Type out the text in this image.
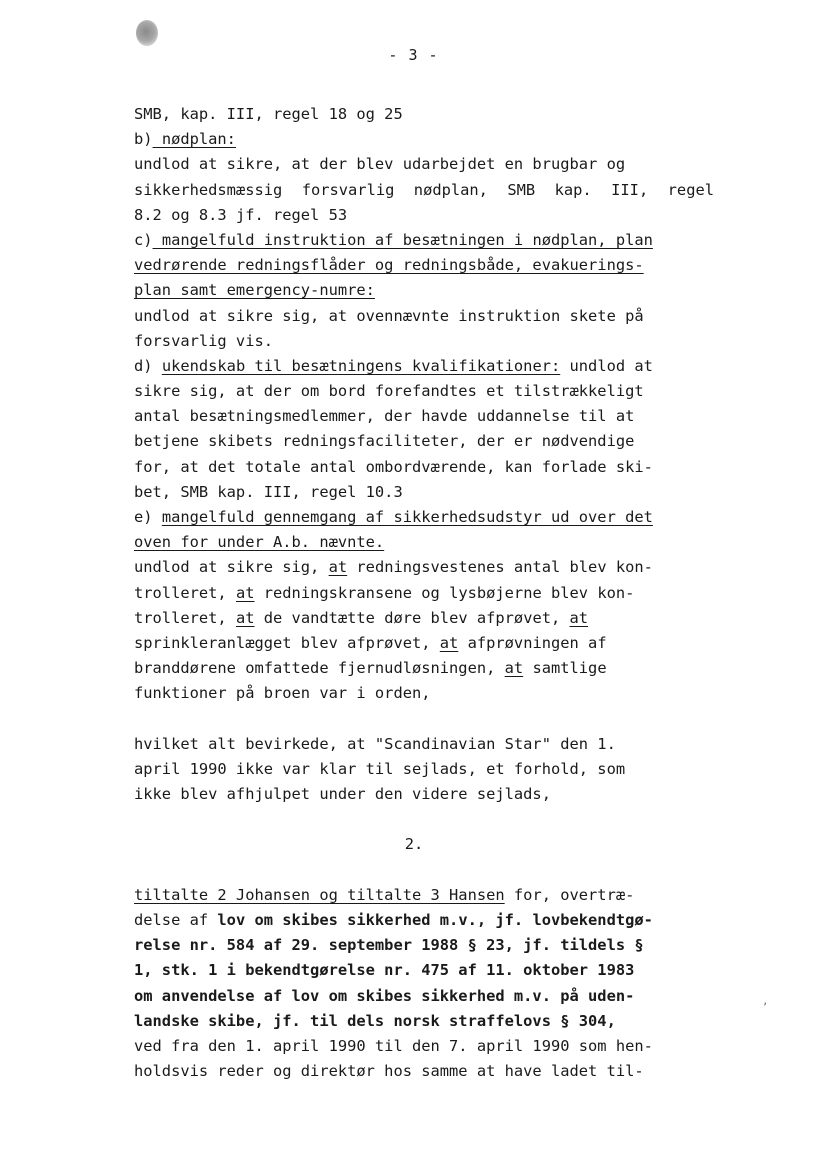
ʼ
- 3 -
SMB, kap. III, regel 18 og 25
b) nødplan:
undlod at sikre, at der blev udarbejdet en brugbar og
sikkerhedsmæssig forsvarlig nødplan, SMB kap. III, regel
8.2 og 8.3 jf. regel 53
c) mangelfuld instruktion af besætningen i nødplan, plan
vedrørende redningsflåder og redningsbåde, evakuerings-
plan samt emergency-numre:
undlod at sikre sig, at ovennævnte instruktion skete på
forsvarlig vis.
d) ukendskab til besætningens kvalifikationer: undlod at
sikre sig, at der om bord forefandtes et tilstrækkeligt
antal besætningsmedlemmer, der havde uddannelse til at
betjene skibets redningsfaciliteter, der er nødvendige
for, at det totale antal ombordværende, kan forlade ski-
bet, SMB kap. III, regel 10.3
e) mangelfuld gennemgang af sikkerhedsudstyr ud over det
oven for under A.b. nævnte.
undlod at sikre sig, at redningsvestenes antal blev kon-
trolleret, at redningskransene og lysbøjerne blev kon-
trolleret, at de vandtætte døre blev afprøvet, at
sprinkleranlægget blev afprøvet, at afprøvningen af
branddørene omfattede fjernudløsningen, at samtlige
funktioner på broen var i orden,
hvilket alt bevirkede, at "Scandinavian Star" den 1.
april 1990 ikke var klar til sejlads, et forhold, som
ikke blev afhjulpet under den videre sejlads,
2.
tiltalte 2 Johansen og tiltalte 3 Hansen for, overtræ-
delse af lov om skibes sikkerhed m.v., jf. lovbekendtgø-
relse nr. 584 af 29. september 1988 § 23, jf. tildels §
1, stk. 1 i bekendtgørelse nr. 475 af 11. oktober 1983
om anvendelse af lov om skibes sikkerhed m.v. på uden-
landske skibe, jf. til dels norsk straffelovs § 304,
ved fra den 1. april 1990 til den 7. april 1990 som hen-
holdsvis reder og direktør hos samme at have ladet til-
